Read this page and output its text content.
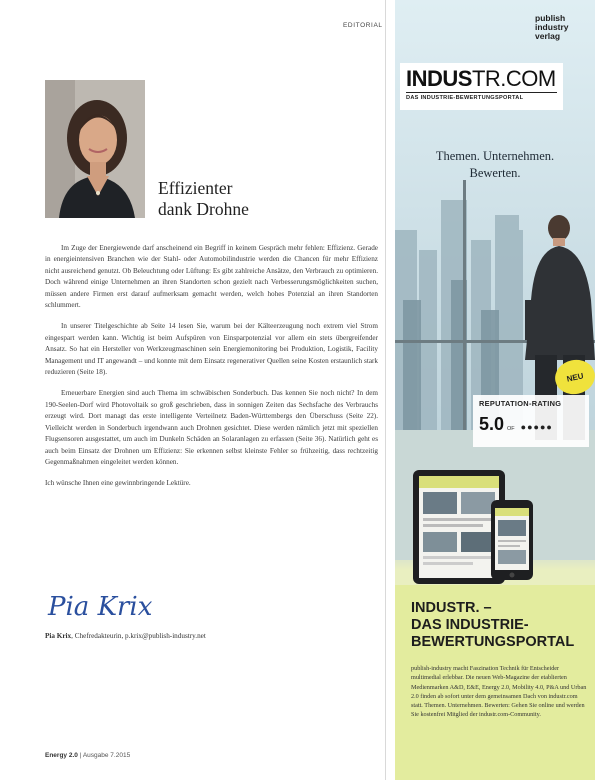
EDITORIAL
Effizienter
dank Drohne

Im Zuge der Energiewende darf anscheinend ein Begriff in keinem Gespräch mehr fehlen: Effizienz. Gerade in energieintensiven Branchen wie der Stahl- oder Automobilindustrie werden die Chancen für mehr Effizienz nicht ausreichend genutzt. Ob Beleuchtung oder Lüftung: Es gibt zahlreiche Ansätze, den Verbrauch zu optimieren. Doch während einige Unternehmen an ihren Standorten schon gezielt nach Verbesserungsmöglichkeiten suchen, müssen andere Firmen erst darauf aufmerksam gemacht werden, welch hohes Potenzial an ihren Standorten schlummert.

In unserer Titelgeschichte ab Seite 14 lesen Sie, warum bei der Kälteerzeugung noch extrem viel Strom eingespart werden kann. Wichtig ist beim Aufspüren von Einsparpotenzial vor allem ein stets übergreifender Ansatz. So hat ein Hersteller von Werkzeugmaschinen sein Energiemonitoring bei Produktion, Logistik, Facility Management und IT angewandt – und konnte mit dem Einsatz regenerativer Quellen seine Kosten erstaunlich stark reduzieren (Seite 18).

Erneuerbare Energien sind auch Thema im schwäbischen Sonderbuch. Das kennen Sie noch nicht? In dem 190-Seelen-Dorf wird Photovoltaik so groß geschrieben, dass in sonnigen Zeiten das Sechsfache des Verbrauchs erzeugt wird. Dort managt das erste intelligente Verteilnetz Baden-Württembergs den Überschuss (Seite 22). Vielleicht werden in Sonderbuch irgendwann auch Drohnen gesichtet. Diese werden nämlich jetzt mit speziellen Flugsensoren ausgestattet, um auch im Dunkeln Schäden an Solaranlagen zu erfassen (Seite 36). Natürlich geht es auch beim Einsatz der Drohnen um Effizienz: Sie erkennen selbst kleinste Fehler so frühzeitig, dass rechtzeitig Gegenmaßnahmen eingeleitet werden können.

Ich wünsche Ihnen eine gewinnbringende Lektüre.

Pia Krix
Pia Krix, Chefredakteurin, p.krix@publish-industry.net
Energy 2.0 | Ausgabe 7.2015
publish
industry
verlag
INDUSTR.COM
DAS INDUSTRIE-BEWERTUNGSPORTAL
Themen. Unternehmen.
Bewerten.
NEU
REPUTATION-RATING
5.0 OF ●●●●●
INDUSTR. –
DAS INDUSTRIE-
BEWERTUNGSPORTAL
publish-industry macht Faszination Technik für Entscheider multimedial erlebbar. Die neuen Web-Magazine der etablierten Medienmarken A&D, E&E, Energy 2.0, Mobility 4.0, P&A und Urban 2.0 finden ab sofort unter dem gemeinsamen Dach von industr.com statt. Themen. Unternehmen. Bewerten: Gehen Sie online und werden Sie kostenfrei Mitglied der industr.com-Community.
